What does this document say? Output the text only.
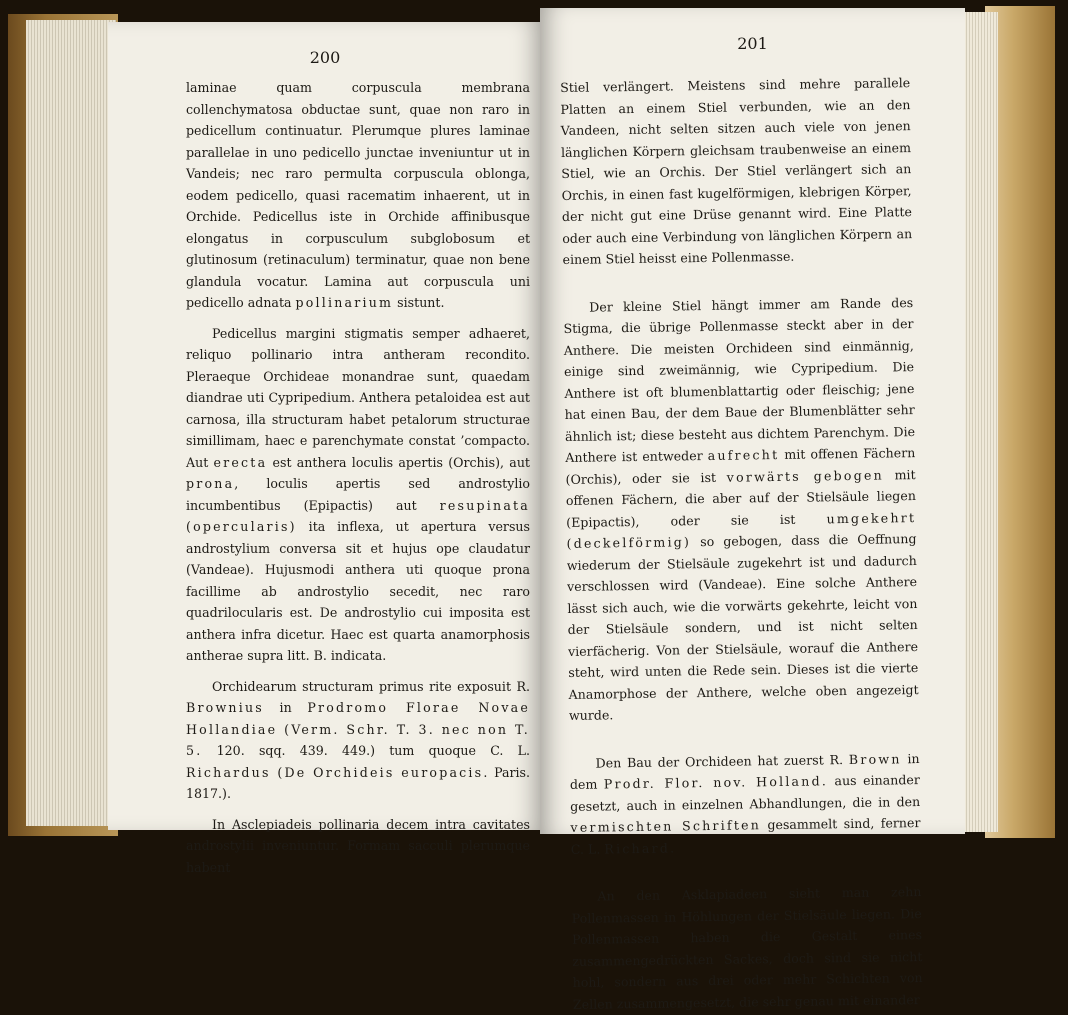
200

laminae quam corpuscula membrana collenchymatosa obductae sunt, quae non raro in pedicellum continuatur. Plerumque plures laminae parallelae in uno pedicello junctae inveniuntur ut in Vandeis; nec raro permulta corpuscula oblonga, eodem pedicello, quasi racematim inhaerent, ut in Orchide. Pedicellus iste in Orchide affinibusque elongatus in corpusculum subglobosum et glutinosum (retinaculum) terminatur, quae non bene glandula vocatur. Lamina aut corpuscula uni pedicello adnata pollinarium sistunt.

Pedicellus margini stigmatis semper adhaeret, reliquo pollinario intra antheram recondito. Pleraeque Orchideae monandrae sunt, quaedam diandrae uti Cypripedium. Anthera petaloidea est aut carnosa, illa structuram habet petalorum structurae simillimam, haec e parenchymate constat ’compacto. Aut erecta est anthera loculis apertis (Orchis), aut prona, loculis apertis sed androstylio incumbentibus (Epipactis) aut resupinata (opercularis) ita inflexa, ut apertura versus androstylium conversa sit et hujus ope claudatur (Vandeae). Hujusmodi anthera uti quoque prona facillime ab androstylio secedit, nec raro quadrilocularis est. De androstylio cui imposita est anthera infra dicetur. Haec est quarta anamorphosis antherae supra litt. B. indicata.

Orchidearum structuram primus rite exposuit R. Brownius in Prodromo Florae Novae Hollandiae (Verm. Schr. T. 3. nec non T. 5. 120. sqq. 439. 449.) tum quoque C. L. Richardus (De Orchideis europacis. Paris. 1817.).

In Asclepiadeis pollinaria decem intra cavitates androstylii inveniuntur. Formam sacculi plerumque habent

201

Stiel verlängert. Meistens sind mehre parallele Platten an einem Stiel verbunden, wie an den Vandeen, nicht selten sitzen auch viele von jenen länglichen Körpern gleichsam traubenweise an einem Stiel, wie an Orchis. Der Stiel verlängert sich an Orchis, in einen fast kugelförmigen, klebrigen Körper, der nicht gut eine Drüse genannt wird. Eine Platte oder auch eine Verbindung von länglichen Körpern an einem Stiel heisst eine Pollenmasse.

Der kleine Stiel hängt immer am Rande des Stigma, die übrige Pollenmasse steckt aber in der Anthere. Die meisten Orchideen sind einmännig, einige sind zweimännig, wie Cypripedium. Die Anthere ist oft blumenblattartig oder fleischig; jene hat einen Bau, der dem Baue der Blumenblätter sehr ähnlich ist; diese besteht aus dichtem Parenchym. Die Anthere ist entweder aufrecht mit offenen Fächern (Orchis), oder sie ist vorwärts gebogen mit offenen Fächern, die aber auf der Stielsäule liegen (Epipactis), oder sie ist umgekehrt (deckelförmig) so gebogen, dass die Oeffnung wiederum der Stielsäule zugekehrt ist und dadurch verschlossen wird (Vandeae). Eine solche Anthere lässt sich auch, wie die vorwärts gekehrte, leicht von der Stielsäule sondern, und ist nicht selten vierfächerig. Von der Stielsäule, worauf die Anthere steht, wird unten die Rede sein. Dieses ist die vierte Anamorphose der Anthere, welche oben angezeigt wurde.

Den Bau der Orchideen hat zuerst R. Brown in dem Prodr. Flor. nov. Holland. aus einander gesetzt, auch in einzelnen Abhandlungen, die in den vermischten Schriften gesammelt sind, ferner C. L. Richard.

An den Asklapiadeen sieht man zehn Pollenmassen in Höhlungen der Stielsäule liegen. Die Pollenmassen haben die Gestalt eines zusammengedrückten Sackes, doch sind sie nicht hohl, sondern aus drei oder mehr Schichten von Zellen zusammengesetzt, die sehr genau mit einander
